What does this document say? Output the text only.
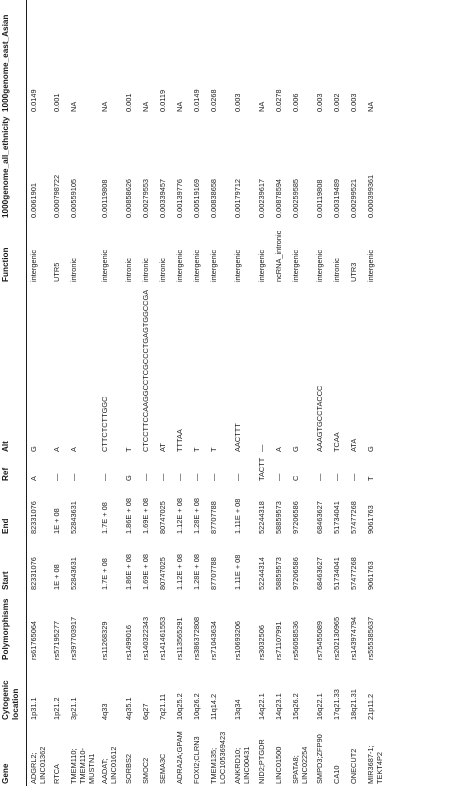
Gene	Cytogenic location	Polymorphisms	Start	End	Ref	Alt	Function	1000genome_all_ethnicity	1000genome_east_Asian

ADGRL2; LINC01362	1p31.1	rs61765064	82331076	82331076	A	G	intergenic	0.0061901	0.0149

RTCA	1p21.2	rs57195277	1E + 08	1E + 08	—	A	UTR5	0.000798722	0.001

TMEM110; TMEM110- MUSTN1	3p21.1	rs397703917	52843631	52843631	—	A	intronic	0.00559105	NA

AADAT; LINC01612	4q33	rs11268329	1.7E + 08	1.7E + 08	—	CTTCTCTTGGC	intergenic	0.00119808	NA

SORBS2	4q35.1	rs1499016	1.86E + 08	1.86E + 08	G	T	intronic	0.00858626	0.001

SMOC2	6q27	rs140322343	1.69E + 08	1.69E + 08	—	CTCCTTCCAAGGCCTCGCCCTGAGTGGCCGA	intronic	0.00279553	NA

SEMA3C	7q21.11	rs141461553	80747025	80747025	—	AT	intronic	0.00339457	0.0119

ADRA2A;GPAM	10q25.2	rs113565291	1.12E + 08	1.12E + 08	—	TTTAA	intergenic	0.00139776	NA

FOXI2;CLRN3	10q26.2	rs386372808	1.28E + 08	1.28E + 08	—	T	intergenic	0.00519169	0.0149

TMEM135; LOC105369423	11q14.2	rs71043634	87707788	87707788	—	T	intergenic	0.00838658	0.0268

ANKRD10; LINC00431	13q34	rs10693206	1.11E + 08	1.11E + 08	—	AACTTT	intergenic	0.00179712	0.003

NID2;PTGDR	14q22.1	rs3032506	52244314	52244318	TACTT	—	intergenic	0.00239617	NA

LINC01500	14q23.1	rs71107991	58859573	58859573	—	A	ncRNA_intronic	0.00878594	0.0278

SPATA8; LINC02254	15q26.2	rs56058536	97206586	97206586	C	G	intergenic	0.00259585	0.006

SMPD3;ZFP90	16q22.1	rs75455089	68463627	68463627	—	AAAGTGCCTACCC	intergenic	0.00119808	0.003

CA10	17q21.33	rs202130965	51734041	51734041	—	TCAA	intronic	0.00319489	0.002

ONECUT2	18q21.31	rs143974794	57477268	57477268	—	ATA	UTR3	0.00299521	0.003

MIR3687-1; TEKT4P2	21p11.2	rs555385637	9061763	9061763	T	G	intergenic	0.000399361	NA
